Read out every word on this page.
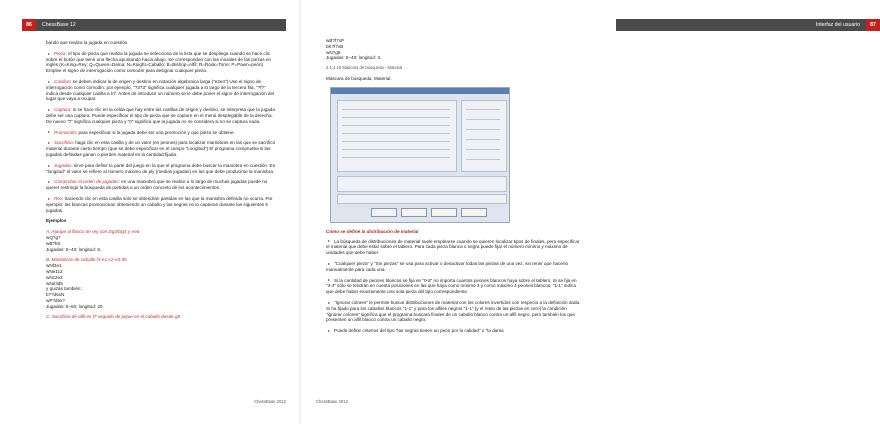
86	ChessBase 12

bando que realiza la jugada en cuestión.

Pieza: el tipo de pieza que realiza la jugada se selecciona de la lista que se despliega cuando se hace clic sobre el botón que tiene una flecha apuntando hacia abajo. Se corresponden con las iniciales de las piezas en inglés (K=King=Rey; Q=Queen=Dama; N=Knight=Caballo; B=Bishop=Alfil; R=Rook=Torre; P=Pawn=peón) Emplee el signo de interrogación como comodín para designar cualquier pieza.

Casillas: se deben indicar la de origen y destino en notación algebraica larga ("e2e4") Use el signo de interrogación como comodín: por ejemplo, "?3?3" significa cualquier jugada a lo largo de la tercera fila, "?f?" indica desde cualquier casilla a h7. Antes de introducir un número se le debe poner el signo de interrogación del lugar que vaya a ocupar.

Captura: si se hace clic en la celda que hay entre las casillas de origen y destino, se interpreta que la jugada debe ser una captura. Puede especificar el tipo de pieza que se capture en el menú desplegable de la derecha. De nuevo "?" significa cualquier pieza y "0" significa que la jugada no se considera si no se captura nada.

Promoción: para especificar si la jugada debe ser una promoción y que pieza se obtiene.

Sacrificio: haga clic en esta casilla y de un valor (en peones) para localizar maniobras en las que se sacrificó material durante cierto tiempo (que se debe especificar en el campo "Longitud") El programa comprueba si las jugadas definidas ganan o pierden material en la cantidad fijada.

Jugadas: sirve para definir la parte del juego en la que el programa debe buscar la maniobra en cuestión. En "longitud" el valor se refiere al número máximo de ply (medias jugadas) en las que debe producirse la maniobra.

Comprobar el orden de jugadas: en una maniobra que se realice a lo largo de muchas jugadas puede no querer restringir la búsqueda de partidas a un orden concreto de los acontecimientos.

Rev: haciendo clic en esta casilla sólo se obtendrán partidas en las que la maniobra definida no ocurra. Por ejemplo: las blancas promocionan obteniendo un caballo y las negras no lo capturan durante las siguientes 5 jugadas.

Ejemplos

A. Ataque al flanco de rey con Dg3/Dg4 y Ae6

wQ?g?

wB?h6

Jugadas: 5–40; longitud: 8.

B. Maniobras de caballo f3-e1-c2-e3-d5

wNf3e1

wNe1c2

wNc2e3

wNe3d5

y quizás también:

b??d5xN

wP?d5x?

Jugadas: 5–50; longitud: 20.

C. Sacrificio de alfil en f7 seguido de jaque en el caballo desde g5

ChessBase 2012
Interfaz del usuario	87

wB?f7xP

bK?f7xB

wN?g5

Jugadas: 5–40; longitud: 3.

2.1.4.16 Máscara de búsqueda - Material

Máscara de búsqueda, Material.

Cómo se define la distribución de material

La búsqueda de distribuciones de material suele emplearse cuando se quieren localizar tipos de finales, pero especificar el material que debe estar sobre el tablero. Para cada pieza blanca o negra puede fijar el número mínimo y máximo de unidades que debe haber.

"Cualquier pieza" y "Sin piezas" se usa para activar o desactivar todas las piezas de una vez, sin tener que hacerlo manualmente para cada una.

Si la cantidad de peones blancos se fija en "0-8" no importa cuantos peones blancos haya sobre el tablero. Si se fija en "3-4" sólo se tendrán en cuenta posiciones en las que haya como mínimo 3 y como máximo 4 peones blancos. "1-1" indica que debe haber exactamente una sola pieza del tipo correspondiente.

"Ignorar colores" le permite buscar distribuciones de material con los colores invertidos con respecto a la definición dada. Si ha fijado para los caballos blancos "1-1" y para los alfiles negros "1-1" (y el resto de las piezas en cero) la condición "ignorar colores" significa que el programa buscará finales de un caballo blanco contra un alfil negro, pero también los que presenten un alfil blanco contra un caballo negro.

Puede definir criterios del tipo "las negras tienen un peón por la calidad" o "la dama

ChessBase 2012
